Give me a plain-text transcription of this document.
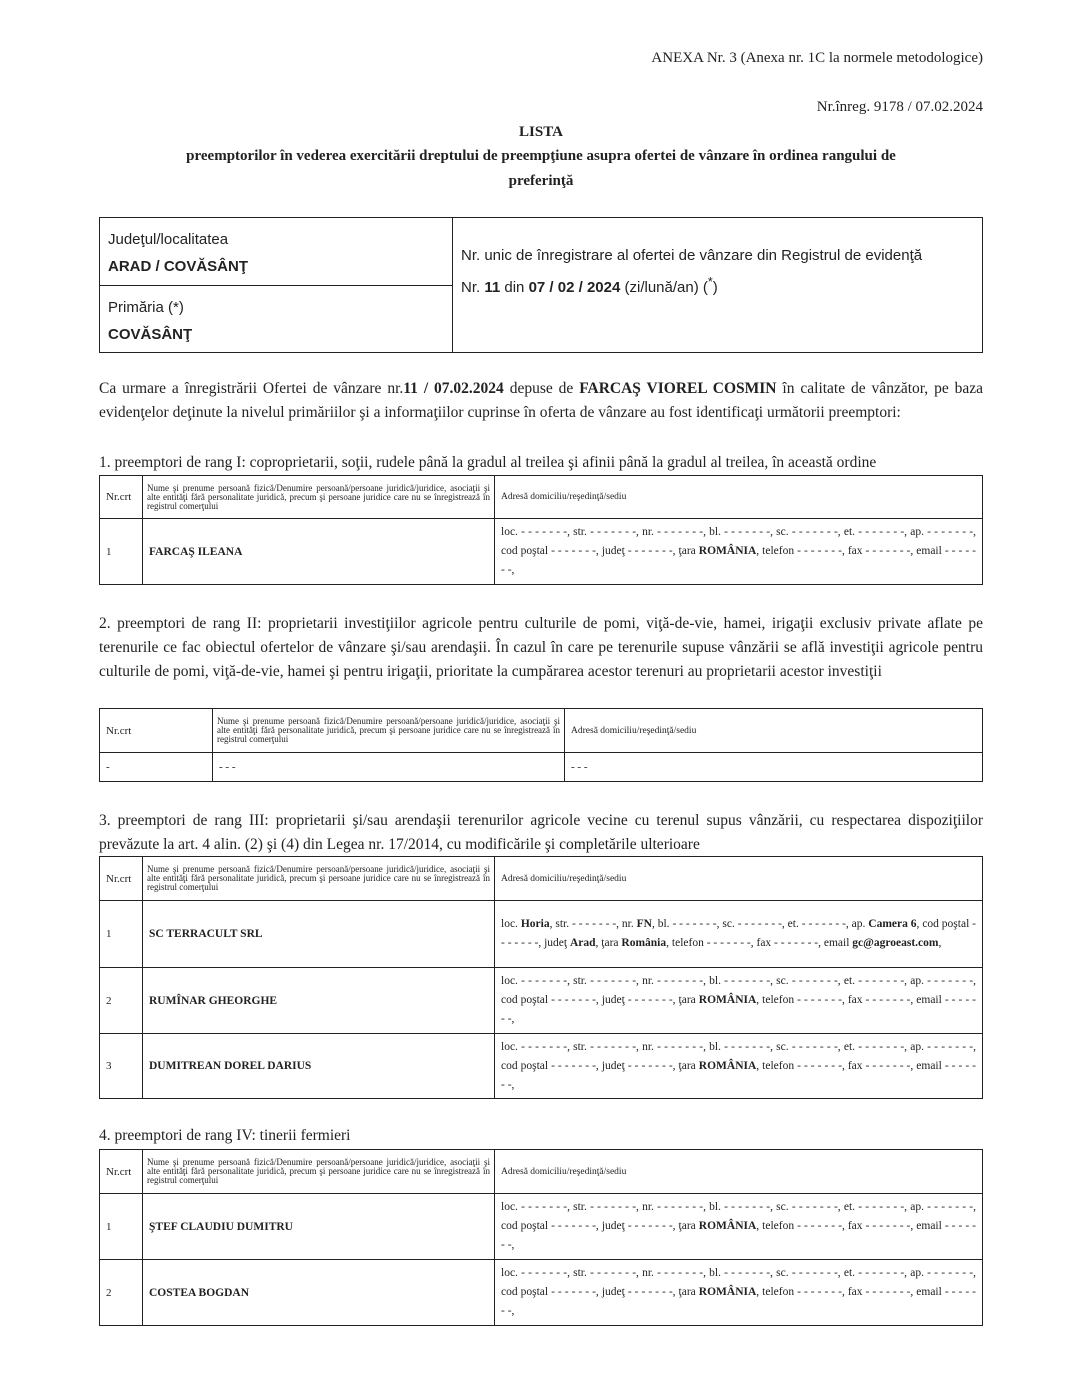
ANEXA Nr. 3 (Anexa nr. 1C la normele metodologice)
Nr.înreg. 9178 / 07.02.2024
LISTA
preemptorilor în vederea exercitării dreptului de preempţiune asupra ofertei de vânzare în ordinea rangului de
preferinţă
Judeţul/localitatea
ARAD / COVĂSÂNŢ
Primăria (*)
COVĂSÂNŢ

Nr. unic de înregistrare al ofertei de vânzare din Registrul de evidenţă

Nr. 11 din 07 / 02 / 2024 (zi/lună/an) (*)

Ca urmare a înregistrării Ofertei de vânzare nr.11 / 07.02.2024 depuse de FARCAŞ VIOREL COSMIN în calitate de vânzător, pe baza evidenţelor deţinute la nivelul primăriilor şi a informaţiilor cuprinse în oferta de vânzare au fost identificaţi următorii preemptori:
1. preemptori de rang I: coproprietarii, soţii, rudele până la gradul al treilea şi afinii până la gradul al treilea, în această ordine
Nr.crt	Nume şi prenume persoană fizică/Denumire persoană/persoane juridică/juridice, asociaţii şi alte entităţi fără personalitate juridică, precum şi persoane juridice care nu se înregistrează în registrul comerţului	Adresă domiciliu/reşedinţă/sediu
1	FARCAŞ ILEANA	loc. - - - - - - -, str. - - - - - - -, nr. - - - - - - -, bl. - - - - - - -, sc. - - - - - - -, et. - - - - - - -, ap. - - - - - - -, cod poştal - - - - - - -, judeţ - - - - - - -, ţara ROMÂNIA, telefon - - - - - - -, fax - - - - - - -, email - - - - - - -,
2. preemptori de rang II: proprietarii investiţiilor agricole pentru culturile de pomi, viţă-de-vie, hamei, irigaţii exclusiv private aflate pe terenurile ce fac obiectul ofertelor de vânzare şi/sau arendaşii. În cazul în care pe terenurile supuse vânzării se află investiţii agricole pentru culturile de pomi, viţă-de-vie, hamei şi pentru irigaţii, prioritate la cumpărarea acestor terenuri au proprietarii acestor investiţii
Nr.crt	Nume şi prenume persoană fizică/Denumire persoană/persoane juridică/juridice, asociaţii şi alte entităţi fără personalitate juridică, precum şi persoane juridice care nu se înregistrează în registrul comerţului	Adresă domiciliu/reşedinţă/sediu
-	- - -	- - -
3. preemptori de rang III: proprietarii şi/sau arendaşii terenurilor agricole vecine cu terenul supus vânzării, cu respectarea dispoziţiilor prevăzute la art. 4 alin. (2) şi (4) din Legea nr. 17/2014, cu modificările şi completările ulterioare
Nr.crt	Nume şi prenume persoană fizică/Denumire persoană/persoane juridică/juridice, asociaţii şi alte entităţi fără personalitate juridică, precum şi persoane juridice care nu se înregistrează în registrul comerţului	Adresă domiciliu/reşedinţă/sediu
1	SC TERRACULT SRL	loc. Horia, str. - - - - - - -, nr. FN, bl. - - - - - - -, sc. - - - - - - -, et. - - - - - - -, ap. Camera 6, cod poştal - - - - - - -, judeţ Arad, ţara România, telefon - - - - - - -, fax - - - - - - -, email gc@agroeast.com,
2	RUMÎNAR GHEORGHE	loc. - - - - - - -, str. - - - - - - -, nr. - - - - - - -, bl. - - - - - - -, sc. - - - - - - -, et. - - - - - - -, ap. - - - - - - -, cod poştal - - - - - - -, judeţ - - - - - - -, ţara ROMÂNIA, telefon - - - - - - -, fax - - - - - - -, email - - - - - - -,
3	DUMITREAN DOREL DARIUS	loc. - - - - - - -, str. - - - - - - -, nr. - - - - - - -, bl. - - - - - - -, sc. - - - - - - -, et. - - - - - - -, ap. - - - - - - -, cod poştal - - - - - - -, judeţ - - - - - - -, ţara ROMÂNIA, telefon - - - - - - -, fax - - - - - - -, email - - - - - - -,
4. preemptori de rang IV: tinerii fermieri
Nr.crt	Nume şi prenume persoană fizică/Denumire persoană/persoane juridică/juridice, asociaţii şi alte entităţi fără personalitate juridică, precum şi persoane juridice care nu se înregistrează în registrul comerţului	Adresă domiciliu/reşedinţă/sediu
1	ŞTEF CLAUDIU DUMITRU	loc. - - - - - - -, str. - - - - - - -, nr. - - - - - - -, bl. - - - - - - -, sc. - - - - - - -, et. - - - - - - -, ap. - - - - - - -, cod poştal - - - - - - -, judeţ - - - - - - -, ţara ROMÂNIA, telefon - - - - - - -, fax - - - - - - -, email - - - - - - -,
2	COSTEA BOGDAN	loc. - - - - - - -, str. - - - - - - -, nr. - - - - - - -, bl. - - - - - - -, sc. - - - - - - -, et. - - - - - - -, ap. - - - - - - -, cod poştal - - - - - - -, judeţ - - - - - - -, ţara ROMÂNIA, telefon - - - - - - -, fax - - - - - - -, email - - - - - - -,
